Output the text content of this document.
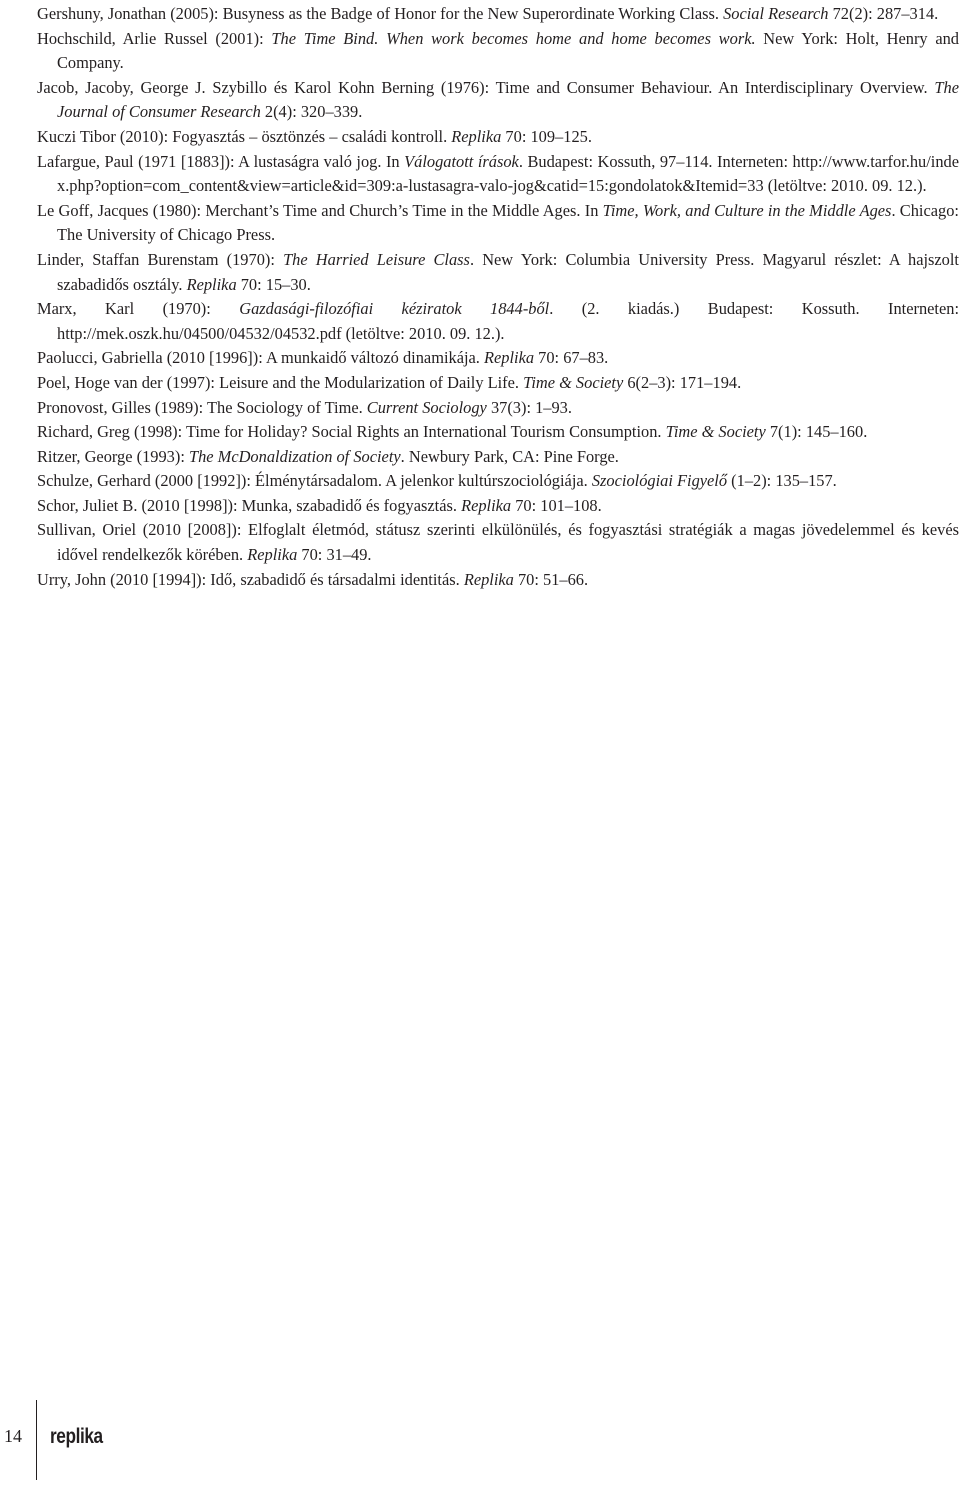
Gershuny, Jonathan (2005): Busyness as the Badge of Honor for the New Superordinate Working Class. Social Research 72(2): 287–314.

Hochschild, Arlie Russel (2001): The Time Bind. When work becomes home and home becomes work. New York: Holt, Henry and Company.

Jacob, Jacoby, George J. Szybillo és Karol Kohn Berning (1976): Time and Consumer Behaviour. An Interdisciplinary Overview. The Journal of Consumer Research 2(4): 320–339.

Kuczi Tibor (2010): Fogyasztás – ösztönzés – családi kontroll. Replika 70: 109–125.

Lafargue, Paul (1971 [1883]): A lustaságra való jog. In Válogatott írások. Budapest: Kossuth, 97–114. Interneten: http://www.tarfor.hu/index.php?option=com_content&view=article&id=309:a-lustasagra-valo-jog&catid=15:gondolatok&Itemid=33 (letöltve: 2010. 09. 12.).

Le Goff, Jacques (1980): Merchant’s Time and Church’s Time in the Middle Ages. In Time, Work, and Culture in the Middle Ages. Chicago: The University of Chicago Press.

Linder, Staffan Burenstam (1970): The Harried Leisure Class. New York: Columbia University Press. Magyarul részlet: A hajszolt szabadidős osztály. Replika 70: 15–30.

Marx, Karl (1970): Gazdasági-filozófiai kéziratok 1844-ből. (2. kiadás.) Budapest: Kossuth. Interneten: http://mek.oszk.hu/04500/04532/04532.pdf (letöltve: 2010. 09. 12.).

Paolucci, Gabriella (2010 [1996]): A munkaidő változó dinamikája. Replika 70: 67–83.

Poel, Hoge van der (1997): Leisure and the Modularization of Daily Life. Time & Society 6(2–3): 171–194.

Pronovost, Gilles (1989): The Sociology of Time. Current Sociology 37(3): 1–93.

Richard, Greg (1998): Time for Holiday? Social Rights an International Tourism Consumption. Time & Society 7(1): 145–160.

Ritzer, George (1993): The McDonaldization of Society. Newbury Park, CA: Pine Forge.

Schulze, Gerhard (2000 [1992]): Élménytársadalom. A jelenkor kultúrszociológiája. Szociológiai Figyelő (1–2): 135–157.

Schor, Juliet B. (2010 [1998]): Munka, szabadidő és fogyasztás. Replika 70: 101–108.

Sullivan, Oriel (2010 [2008]): Elfoglalt életmód, státusz szerinti elkülönülés, és fogyasztási stratégiák a magas jövedelemmel és kevés idővel rendelkezők körében. Replika 70: 31–49.

Urry, John (2010 [1994]): Idő, szabadidő és társadalmi identitás. Replika 70: 51–66.

14 replika
